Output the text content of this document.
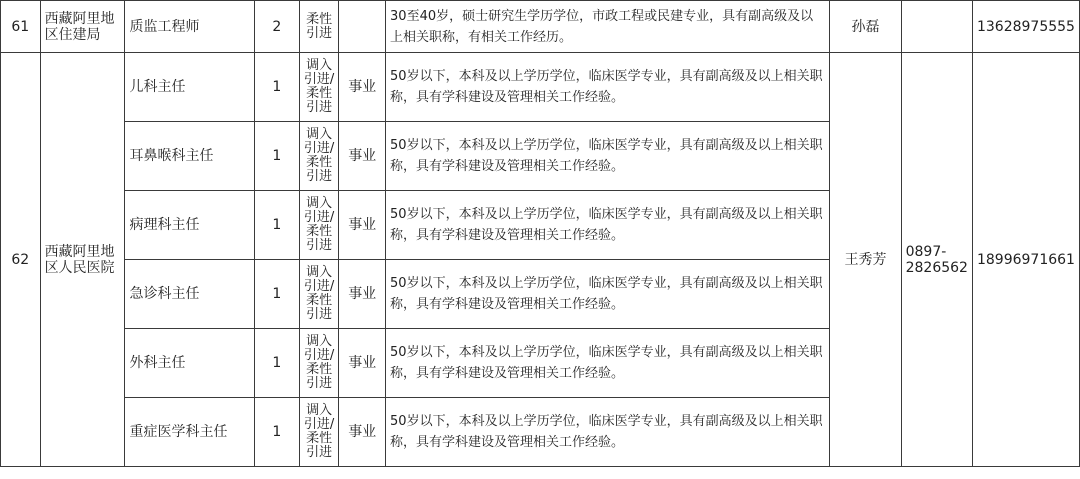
61	西藏阿里地区住建局	质监工程师	2	柔性引进		30至40岁，硕士研究生学历学位，市政工程或民建专业，具有副高级及以上相关职称，有相关工作经历。	孙磊		13628975555
62	西藏阿里地区人民医院	儿科主任	1	调入引进/柔性引进	事业	50岁以下，本科及以上学历学位，临床医学专业，具有副高级及以上相关职称，具有学科建设及管理相关工作经验。	王秀芳	0897-2826562	18996971661
		耳鼻喉科主任	1	调入引进/柔性引进	事业	50岁以下，本科及以上学历学位，临床医学专业，具有副高级及以上相关职称，具有学科建设及管理相关工作经验。			
		病理科主任	1	调入引进/柔性引进	事业	50岁以下，本科及以上学历学位，临床医学专业，具有副高级及以上相关职称，具有学科建设及管理相关工作经验。			
		急诊科主任	1	调入引进/柔性引进	事业	50岁以下，本科及以上学历学位，临床医学专业，具有副高级及以上相关职称，具有学科建设及管理相关工作经验。			
		外科主任	1	调入引进/柔性引进	事业	50岁以下，本科及以上学历学位，临床医学专业，具有副高级及以上相关职称，具有学科建设及管理相关工作经验。			
		重症医学科主任	1	调入引进/柔性引进	事业	50岁以下，本科及以上学历学位，临床医学专业，具有副高级及以上相关职称，具有学科建设及管理相关工作经验。			
